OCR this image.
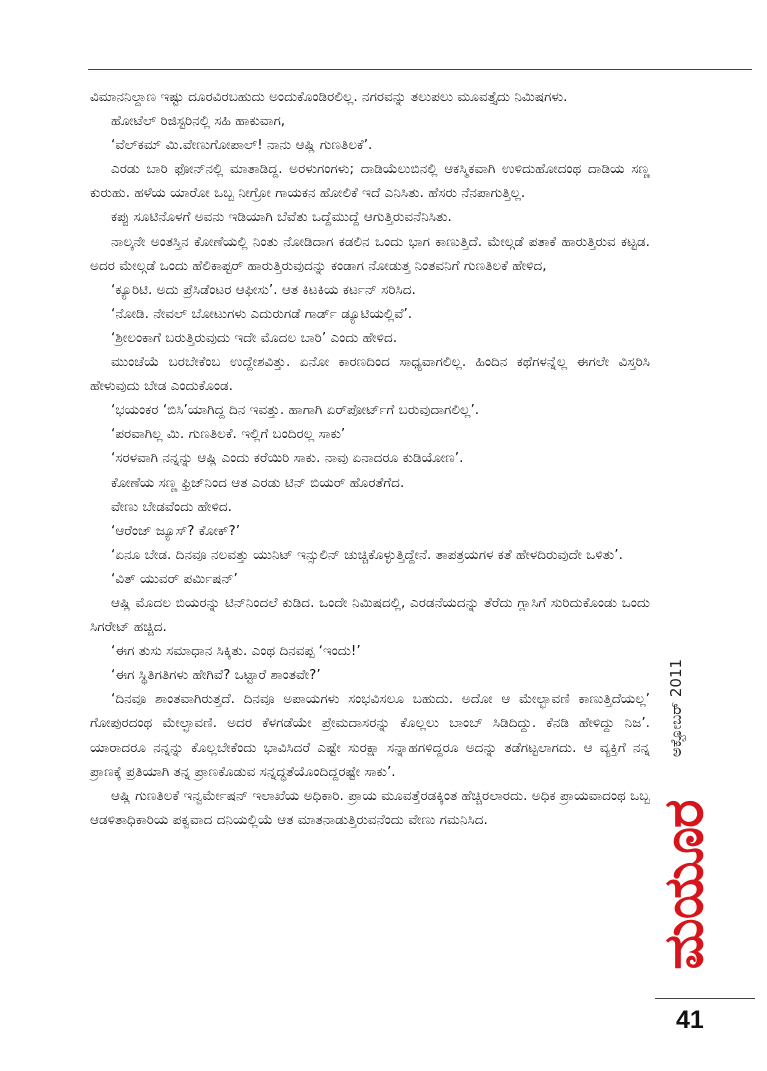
ವಿಮಾನನಿಲ್ದಾಣ ಇಷ್ಟು ದೂರವಿರಬಹುದು ಅಂದುಕೊಂಡಿರಲಿಲ್ಲ. ನಗರವನ್ನು ತಲುಪಲು ಮೂವತ್ತೈದು ನಿಮಿಷಗಳು.

ಹೋಟೆಲ್ ರಿಜಿಸ್ಟರಿನಲ್ಲಿ ಸಹಿ ಹಾಕುವಾಗ,

‘ವೆಲ್‌ಕಮ್ ಮಿ.ವೇಣುಗೋಪಾಲ್! ನಾನು ಆಷ್ಲಿ ಗುಣತಿಲಕೆ’.

ಎರಡು ಬಾರಿ ಫೋನ್‌ನಲ್ಲಿ ಮಾತಾಡಿದ್ದ. ಅರಳುಗಂಗಳು; ದಾಡಿಯೆಲುಬಿನಲ್ಲಿ ಆಕಸ್ಮಿಕವಾಗಿ ಉಳಿದುಹೋದಂಥ ದಾಡಿಯ ಸಣ್ಣ ಕುರುಹು. ಹಳೆಯ ಯಾರೋ ಒಬ್ಬ ನೀಗ್ರೋ ಗಾಯಕನ ಹೋಲಿಕೆ ಇದೆ ಎನಿಸಿತು. ಹೆಸರು ನೆನಪಾಗುತ್ತಿಲ್ಲ.

ಕಪ್ಪು ಸೂಟಿನೊಳಗೆ ಅವನು ಇಡಿಯಾಗಿ ಬೆವೆತು ಒದ್ದೆಮುದ್ದೆ ಆಗುತ್ತಿರುವನೆನಿಸಿತು.

ನಾಲ್ಕನೇ ಅಂತಸ್ತಿನ ಕೋಣೆಯಲ್ಲಿ ನಿಂತು ನೋಡಿದಾಗ ಕಡಲಿನ ಒಂದು ಭಾಗ ಕಾಣುತ್ತಿದೆ. ಮೇಲ್ಗಡೆ ಪತಾಕೆ ಹಾರುತ್ತಿರುವ ಕಟ್ಟಡ. ಅದರ ಮೇಲ್ಗಡೆ ಒಂದು ಹೆಲಿಕಾಪ್ಟರ್ ಹಾರುತ್ತಿರುವುದನ್ನು ಕಂಡಾಗ ನೋಡುತ್ತ ನಿಂತವನಿಗೆ ಗುಣತಿಲಕೆ ಹೇಳಿದ,

‘ಕ್ಯೂರಿಟಿ. ಅದು ಪ್ರೆಸಿಡೆಂಟರ ಆಫೀಸು’. ಆತ ಕಿಟಕಿಯ ಕರ್ಟನ್ ಸರಿಸಿದ.

‘ನೋಡಿ. ನೇವಲ್ ಬೋಟುಗಳು ಎದುರುಗಡೆ ಗಾರ್ಡ್ ಡ್ಯೂಟಿಯಲ್ಲಿವೆ’.

‘ಶ್ರೀಲಂಕಾಗೆ ಬರುತ್ತಿರುವುದು ಇದೇ ಮೊದಲ ಬಾರಿ’ ಎಂದು ಹೇಳಿದ.

ಮುಂಚೆಯೆ ಬರಬೇಕೆಂಬ ಉದ್ದೇಶವಿತ್ತು. ಏನೋ ಕಾರಣದಿಂದ ಸಾಧ್ಯವಾಗಲಿಲ್ಲ. ಹಿಂದಿನ ಕಥೆಗಳನ್ನೆಲ್ಲ ಈಗಲೇ ವಿಸ್ತರಿಸಿ ಹೇಳುವುದು ಬೇಡ ಎಂದುಕೊಂಡ.

‘ಭಯಂಕರ ‘ಬಿಸಿ’ಯಾಗಿದ್ದ ದಿನ ಇವತ್ತು. ಹಾಗಾಗಿ ಏರ್‌ಪೋರ್ಟ್‌ಗೆ ಬರುವುದಾಗಲಿಲ್ಲ’.

‘ಪರವಾಗಿಲ್ಲ ಮಿ. ಗುಣತಿಲಕೆ. ಇಲ್ಲಿಗೆ ಬಂದಿರಲ್ಲ ಸಾಕು’

‘ಸರಳವಾಗಿ ನನ್ನನ್ನು ಆಷ್ಲಿ ಎಂದು ಕರೆಯಿರಿ ಸಾಕು. ನಾವು ಏನಾದರೂ ಕುಡಿಯೋಣ’.

ಕೋಣೆಯ ಸಣ್ಣ ಫ್ರಿಜ್‌ನಿಂದ ಆತ ಎರಡು ಟಿನ್ ಬಿಯರ್ ಹೊರತೆಗೆದ.

ವೇಣು ಬೇಡವೆಂದು ಹೇಳಿದ.

‘ಆರೆಂಜ್ ಜ್ಯೂಸ್? ಕೋಕ್?’

‘ಏನೂ ಬೇಡ. ದಿನವೂ ನಲವತ್ತು ಯುನಿಟ್ ಇನ್ಸುಲಿನ್ ಚುಚ್ಚಿಕೊಳ್ಳುತ್ತಿದ್ದೇನೆ. ತಾಪತ್ರಯಗಳ ಕತೆ ಹೇಳದಿರುವುದೇ ಒಳಿತು’.

‘ವಿತ್ ಯುವರ್ ಪರ್ಮಿಷನ್’

ಆಷ್ಲಿ ಮೊದಲ ಬಿಯರನ್ನು ಟಿನ್‌ನಿಂದಲೆ ಕುಡಿದ. ಒಂದೇ ನಿಮಿಷದಲ್ಲಿ, ಎರಡನೆಯದನ್ನು ತೆರೆದು ಗ್ಲಾಸಿಗೆ ಸುರಿದುಕೊಂಡು ಒಂದು ಸಿಗರೇಟ್ ಹಚ್ಚಿದ.

‘ಈಗ ತುಸು ಸಮಾಧಾನ ಸಿಕ್ಕಿತು. ಎಂಥ ದಿನವಪ್ಪ ‘ಇಂದು!’

‘ಈಗ ಸ್ಥಿತಿಗತಿಗಳು ಹೇಗಿವೆ? ಒಟ್ಟಾರೆ ಶಾಂತವೇ?’

‘ದಿನವೂ ಶಾಂತವಾಗಿರುತ್ತದೆ. ದಿನವೂ ಅಪಾಯಗಳು ಸಂಭವಿಸಲೂ ಬಹುದು. ಅದೋ ಆ ಮೇಲ್ಭಾವಣಿ ಕಾಣುತ್ತಿದೆಯಲ್ಲ’ ಗೋಪುರದಂಥ ಮೇಲ್ಛಾವಣಿ. ಅದರ ಕೆಳಗಡೆಯೇ ಪ್ರೇಮದಾಸರನ್ನು ಕೊಲ್ಲಲು ಬಾಂಬ್ ಸಿಡಿದಿದ್ದು. ಕೆನಡಿ ಹೇಳಿದ್ದು ನಿಜ’. ಯಾರಾದರೂ ನನ್ನನ್ನು ಕೊಲ್ಲಬೇಕೆಂದು ಭಾವಿಸಿದರೆ ಎಷ್ಟೇ ಸುರಕ್ಷಾ ಸನ್ನಾಹಗಳಿದ್ದರೂ ಅದನ್ನು ತಡೆಗಟ್ಟಲಾಗದು. ಆ ವ್ಯಕ್ತಿಗೆ ನನ್ನ ಪ್ರಾಣಕ್ಕೆ ಪ್ರತಿಯಾಗಿ ತನ್ನ ಪ್ರಾಣಕೊಡುವ ಸನ್ನದ್ಧತೆಯೊಂದಿದ್ದರಷ್ಟೇ ಸಾಕು’.

ಆಷ್ಲಿ ಗುಣತಿಲಕೆ ಇನ್ವರ್ಮೇಷನ್ ಇಲಾಖೆಯ ಅಧಿಕಾರಿ. ಪ್ರಾಯ ಮೂವತ್ತೆರಡಕ್ಕಿಂತ ಹೆಚ್ಚಿರಲಾರದು. ಅಧಿಕ ಪ್ರಾಯವಾದಂಥ ಒಬ್ಬ ಆಡಳಿತಾಧಿಕಾರಿಯ ಪಕ್ವವಾದ ದನಿಯಲ್ಲಿಯೆ ಆತ ಮಾತನಾಡುತ್ತಿರುವನೆಂದು ವೇಣು ಗಮನಿಸಿದ.

ಅಕ್ಟೋಬರ್ 2011
ಮಯೂರ
41
